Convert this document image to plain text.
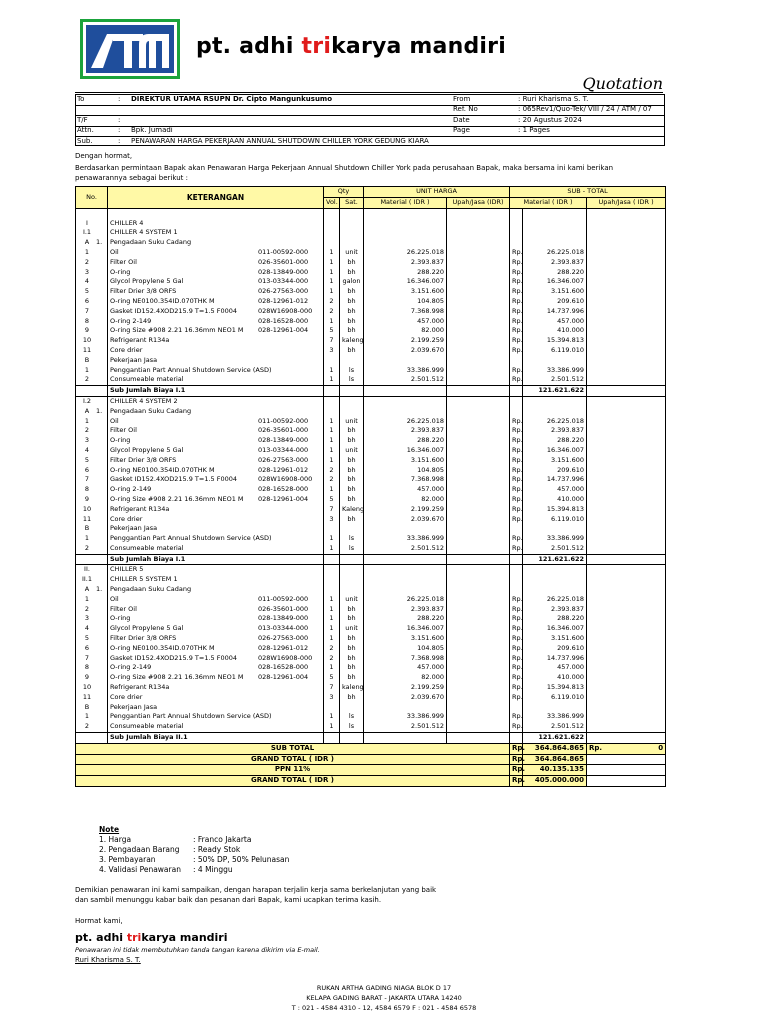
pt. adhi trikarya mandiri
Quotation
To	: DIREKTUR UTAMA RSUPN Dr. Cipto Mangunkusumo	From	: Ruri Kharisma S. T.
Ref. No	: 065Rev1/Quo-Tek/ VIII / 24 / ATM / 07
T/F	:	Date	: 20 Agustus 2024
Attn.	: Bpk. Jumadi	Page	: 1 Pages
Sub.	: PENAWARAN HARGA PEKERJAAN ANNUAL SHUTDOWN CHILLER YORK GEDUNG KIARA
Dengan hormat,
Berdasarkan permintaan Bapak akan Penawaran Harga Pekerjaan Annual Shutdown Chiller York pada perusahaan Bapak, maka bersama ini kami berikan penawarannya sebagai berikut :
No.	KETERANGAN	Qty		UNIT HARGA		SUB - TOTAL		
		Vol.	Sat.	Material ( IDR )	Upah/Jasa (IDR)	Material ( IDR )		Upah/Jasa ( IDR )

I	CHILLER 4							
I.1	CHILLER 4 SYSTEM 1							
A 1.	Pengadaan Suku Cadang							
1	Oil 011-00592-000	1	unit	26.225.018		Rp.	26.225.018	
2	Filter Oil 026-35601-000	1	bh	2.393.837		Rp.	2.393.837	
3	O-ring 028-13849-000	1	bh	288.220		Rp.	288.220	
4	Glycol Propylene 5 Gal 013-03344-000	1	galon	16.346.007		Rp.	16.346.007	
5	Filter Drier 3/8 ORFS 026-27563-000	1	bh	3.151.600		Rp.	3.151.600	
6	O-ring NE0100.354ID.070THK M 028-12961-012	2	bh	104.805		Rp.	209.610	
7	Gasket ID152.4XOD215.9 T=1.5 F0004 028W16908-000	2	bh	7.368.998		Rp.	14.737.996	
8	O-ring 2-149 028-16528-000	1	bh	457.000		Rp.	457.000	
9	O-ring Size #908 2.21 16.36mm NEO1 M 028-12961-004	5	bh	82.000		Rp.	410.000	
10	Refrigerant R134a	7	kaleng	2.199.259		Rp.	15.394.813	
11	Core drier	3	bh	2.039.670		Rp.	6.119.010	
B	Pekerjaan Jasa							
1	Penggantian Part Annual Shutdown Service (ASD)	1	ls	33.386.999		Rp.	33.386.999	
2	Consumeable material	1	ls	2.501.512		Rp.	2.501.512	
	Sub Jumlah Biaya I.1						121.621.622	
I.2	CHILLER 4 SYSTEM 2							
A 1.	Pengadaan Suku Cadang							
1	Oil 011-00592-000	1	unit	26.225.018		Rp.	26.225.018	
2	Filter Oil 026-35601-000	1	bh	2.393.837		Rp.	2.393.837	
3	O-ring 028-13849-000	1	bh	288.220		Rp.	288.220	
4	Glycol Propylene 5 Gal 013-03344-000	1	unit	16.346.007		Rp.	16.346.007	
5	Filter Drier 3/8 ORFS 026-27563-000	1	bh	3.151.600		Rp.	3.151.600	
6	O-ring NE0100.354ID.070THK M 028-12961-012	2	bh	104.805		Rp.	209.610	
7	Gasket ID152.4XOD215.9 T=1.5 F0004 028W16908-000	2	bh	7.368.998		Rp.	14.737.996	
8	O-ring 2-149 028-16528-000	1	bh	457.000		Rp.	457.000	
9	O-ring Size #908 2.21 16.36mm NEO1 M 028-12961-004	5	bh	82.000		Rp.	410.000	
10	Refrigerant R134a	7	Kaleng	2.199.259		Rp.	15.394.813	
11	Core drier	3	bh	2.039.670		Rp.	6.119.010	
B	Pekerjaan Jasa							
1	Penggantian Part Annual Shutdown Service (ASD)	1	ls	33.386.999		Rp.	33.386.999	
2	Consumeable material	1	ls	2.501.512		Rp.	2.501.512	
	Sub Jumlah Biaya I.1						121.621.622	
II.	CHILLER 5							
II.1	CHILLER 5 SYSTEM 1							
A 1.	Pengadaan Suku Cadang							
1	Oil 011-00592-000	1	unit	26.225.018		Rp.	26.225.018	
2	Filter Oil 026-35601-000	1	bh	2.393.837		Rp.	2.393.837	
3	O-ring 028-13849-000	1	bh	288.220		Rp.	288.220	
4	Glycol Propylene 5 Gal 013-03344-000	1	unit	16.346.007		Rp.	16.346.007	
5	Filter Drier 3/8 ORFS 026-27563-000	1	bh	3.151.600		Rp.	3.151.600	
6	O-ring NE0100.354ID.070THK M 028-12961-012	2	bh	104.805		Rp.	209.610	
7	Gasket ID152.4XOD215.9 T=1.5 F0004 028W16908-000	2	bh	7.368.998		Rp.	14.737.996	
8	O-ring 2-149 028-16528-000	1	bh	457.000		Rp.	457.000	
9	O-ring Size #908 2.21 16.36mm NEO1 M 028-12961-004	5	bh	82.000		Rp.	410.000	
10	Refrigerant R134a	7	kaleng	2.199.259		Rp.	15.394.813	
11	Core drier	3	bh	2.039.670		Rp.	6.119.010	
B	Pekerjaan Jasa							
1	Penggantian Part Annual Shutdown Service (ASD)	1	ls	33.386.999		Rp.	33.386.999	
2	Consumeable material	1	ls	2.501.512		Rp.	2.501.512	
	Sub Jumlah Biaya II.1						121.621.622	
SUB TOTAL						Rp.	364.864.865	Rp. 0

GRAND TOTAL ( IDR )						Rp.	364.864.865	

PPN 11%						Rp.	40.135.135	

GRAND TOTAL ( IDR )						Rp.	405.000.000	
Note
1. Harga	: Franco Jakarta
2. Pengadaan Barang : Ready Stok
3. Pembayaran	: 50% DP, 50% Pelunasan
4. Validasi Penawaran : 4 Minggu
Demikian penawaran ini kami sampaikan, dengan harapan terjalin kerja sama berkelanjutan yang baik
dan sambil menunggu kabar baik dan pesanan dari Bapak, kami ucapkan terima kasih.
Hormat kami,
pt. adhi trikarya mandiri
Penawaran ini tidak membutuhkan tanda tangan karena dikirim via E-mail.
Ruri Kharisma S. T.
RUKAN ARTHA GADING NIAGA BLOK D 17
KELAPA GADING BARAT - JAKARTA UTARA 14240
T : 021 - 4584 4310 - 12, 4584 6579 F : 021 - 4584 6578
